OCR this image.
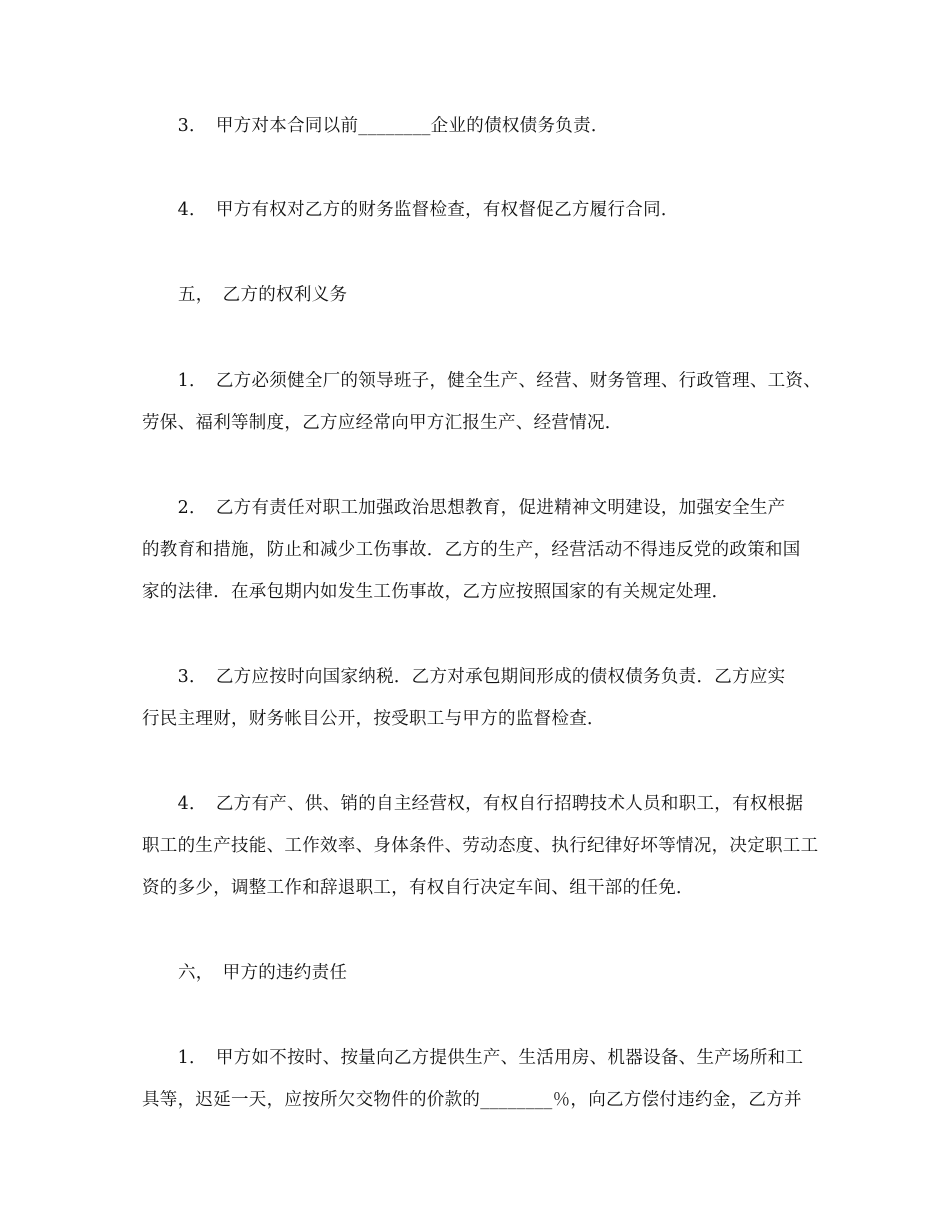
　　3．　甲方对本合同以前________企业的债权债务负责．
　　4．　甲方有权对乙方的财务监督检查，有权督促乙方履行合同．
五，　乙方的权利义务
　　1．　乙方必须健全厂的领导班子，健全生产、经营、财务管理、行政管理、工资、
劳保、福利等制度，乙方应经常向甲方汇报生产、经营情况．
　　2．　乙方有责任对职工加强政治思想教育，促进精神文明建设，加强安全生产
的教育和措施，防止和减少工伤事故．乙方的生产，经营活动不得违反党的政策和国
家的法律．在承包期内如发生工伤事故，乙方应按照国家的有关规定处理．
　　3．　乙方应按时向国家纳税．乙方对承包期间形成的债权债务负责．乙方应实
行民主理财，财务帐目公开，按受职工与甲方的监督检查．
　　4．　乙方有产、供、销的自主经营权，有权自行招聘技术人员和职工，有权根据
职工的生产技能、工作效率、身体条件、劳动态度、执行纪律好坏等情况，决定职工工
资的多少，调整工作和辞退职工，有权自行决定车间、组干部的任免．
六，　甲方的违约责任
　　1．　甲方如不按时、按量向乙方提供生产、生活用房、机器设备、生产场所和工
具等，迟延一天，应按所欠交物件的价款的________％，向乙方偿付违约金，乙方并
